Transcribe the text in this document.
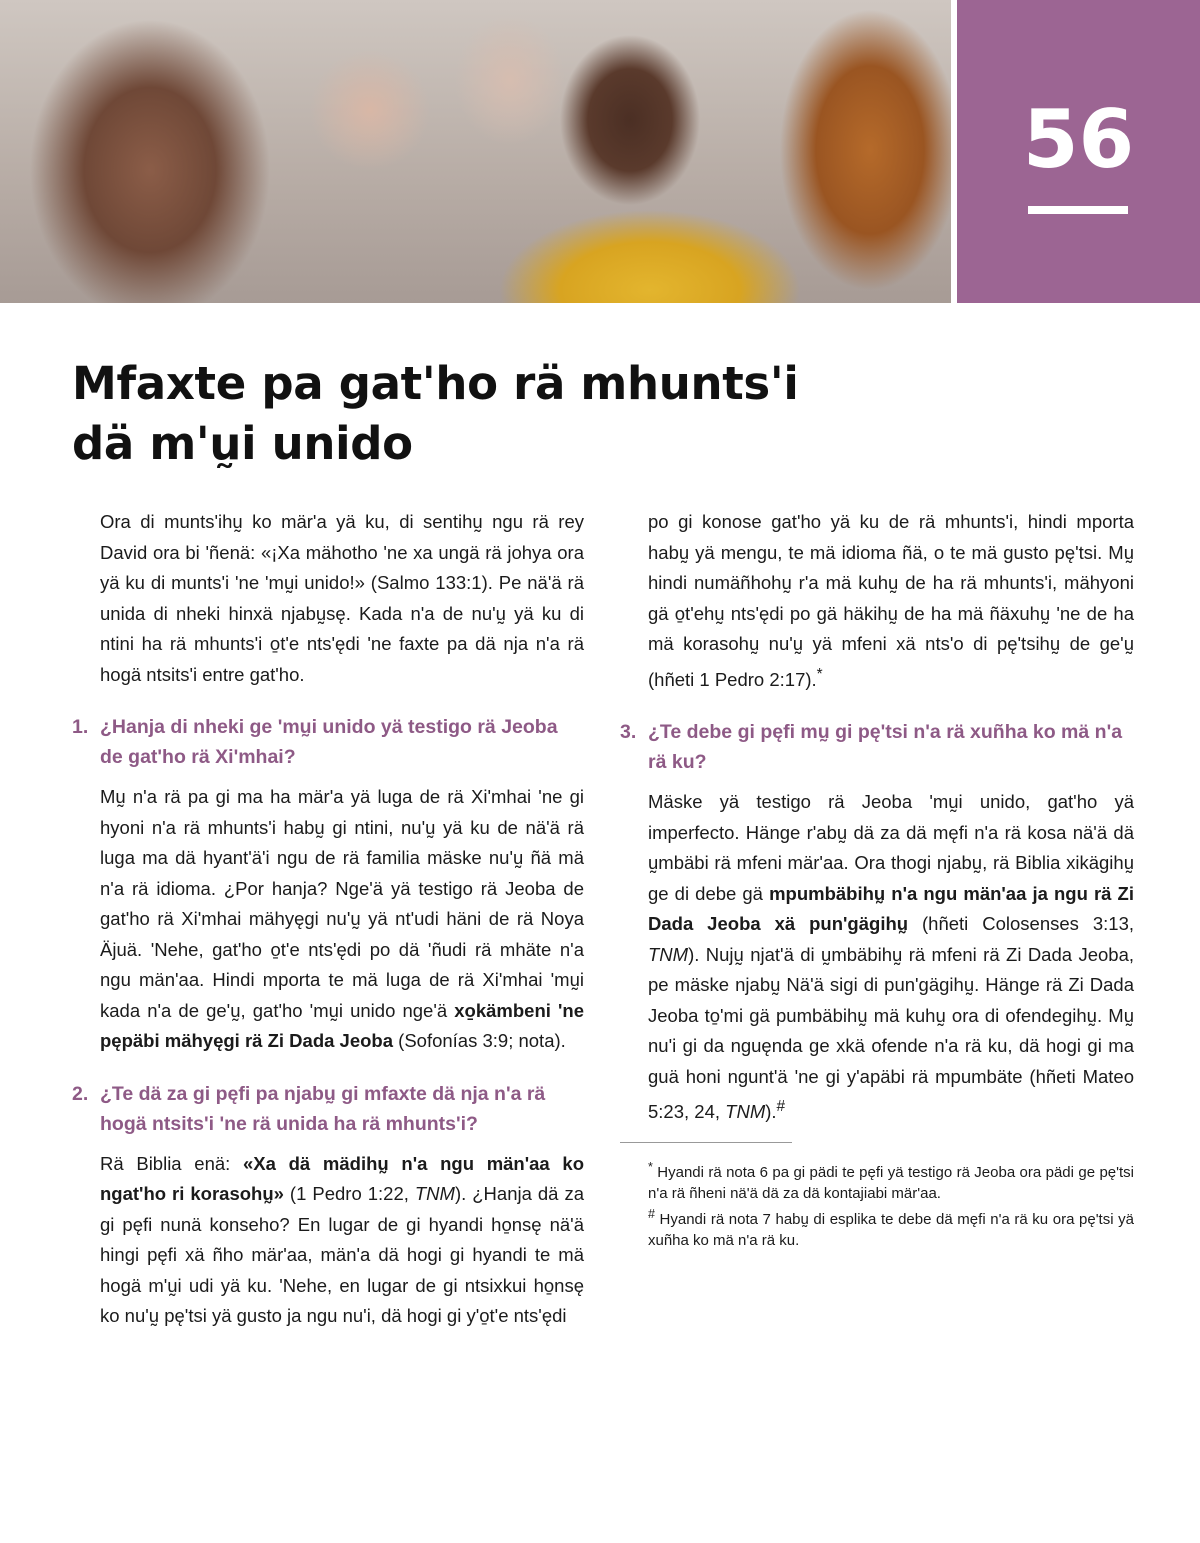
56
Mfaxte pa gat'ho rä mhunts'i
dä m'ṵi unido

Ora di munts'ihṵ ko mär'a yä ku, di sentihṵ ngu rä rey David ora bi 'ñenä: «¡Xa mähotho 'ne xa ungä rä johya ora yä ku di munts'i 'ne 'mṵi unido!» (Salmo 133:1). Pe nä'ä rä unida di nheki hinxä njabṵsę. Kada n'a de nu'ṵ yä ku di ntini ha rä mhunts'i o̱t'e nts'ędi 'ne faxte pa dä nja n'a rä hogä ntsits'i entre gat'ho.

1. ¿Hanja di nheki ge 'mṵi unido yä testigo rä Jeoba de gat'ho rä Xi'mhai?

Mṵ n'a rä pa gi ma ha mär'a yä luga de rä Xi'mhai 'ne gi hyoni n'a rä mhunts'i habṵ gi ntini, nu'ṵ yä ku de nä'ä rä luga ma dä hyant'ä'i ngu de rä familia mäske nu'ṵ ñä mä n'a rä idioma. ¿Por hanja? Nge'ä yä testigo rä Jeoba de gat'ho rä Xi'mhai mähyęgi nu'ṵ yä nt'udi häni de rä Noya Äjuä. 'Nehe, gat'ho o̱t'e nts'ędi po dä 'ñudi rä mhäte n'a ngu män'aa. Hindi mporta te mä luga de rä Xi'mhai 'mṵi kada n'a de ge'ṵ, gat'ho 'mṵi unido nge'ä xo̱kämbeni 'ne pępäbi mähyęgi rä Zi Dada Jeoba (Sofonías 3:9; nota).

2. ¿Te dä za gi pęfi pa njabṵ gi mfaxte dä nja n'a rä hogä ntsits'i 'ne rä unida ha rä mhunts'i?

Rä Biblia enä: «Xa dä mädihṵ n'a ngu män'aa ko ngat'ho ri korasohṵ» (1 Pedro 1:22, TNM). ¿Hanja dä za gi pęfi nunä konseho? En lugar de gi hyandi ho̱nsę nä'ä hingi pęfi xä ñho mär'aa, män'a dä hogi gi hyandi te mä hogä m'ṵi udi yä ku. 'Nehe, en lugar de gi ntsixkui ho̱nsę ko nu'ṵ pę'tsi yä gusto ja ngu nu'i, dä hogi gi y'o̱t'e nts'ędi

po gi konose gat'ho yä ku de rä mhunts'i, hindi mporta habṵ yä mengu, te mä idioma ñä, o te mä gusto pę'tsi. Mṵ hindi numäñhohṵ r'a mä kuhṵ de ha rä mhunts'i, mähyoni gä o̱t'ehṵ nts'ędi po gä häkihṵ de ha mä ñäxuhṵ 'ne de ha mä korasohṵ nu'ṵ yä mfeni xä nts'o di pę'tsihṵ de ge'ṵ (hñeti 1 Pedro 2:17).*

3. ¿Te debe gi pęfi mṵ gi pę'tsi n'a rä xuñha ko mä n'a rä ku?

Mäske yä testigo rä Jeoba 'mṵi unido, gat'ho yä imperfecto. Hänge r'abṵ dä za dä męfi n'a rä kosa nä'ä dä ṵmbäbi rä mfeni mär'aa. Ora thogi njabṵ, rä Biblia xikägihṵ ge di debe gä mpumbäbihṵ n'a ngu män'aa ja ngu rä Zi Dada Jeoba xä pun'gägihṵ (hñeti Colosenses 3:13, TNM). Nujṵ njat'ä di ṵmbäbihṵ rä mfeni rä Zi Dada Jeoba, pe mäske njabṵ Nä'ä sigi di pun'gägihṵ. Hänge rä Zi Dada Jeoba to̱'mi gä pumbäbihṵ mä kuhṵ ora di ofendegihṵ. Mṵ nu'i gi da nguęnda ge xkä ofende n'a rä ku, dä hogi gi ma guä honi ngunt'ä 'ne gi y'apäbi rä mpumbäte (hñeti Mateo 5:23, 24, TNM).#

* Hyandi rä nota 6 pa gi pädi te pęfi yä testigo rä Jeoba ora pädi ge pę'tsi n'a rä ñheni nä'ä dä za dä kontajiabi mär'aa.

# Hyandi rä nota 7 habṵ di esplika te debe dä męfi n'a rä ku ora pę'tsi yä xuñha ko mä n'a rä ku.
